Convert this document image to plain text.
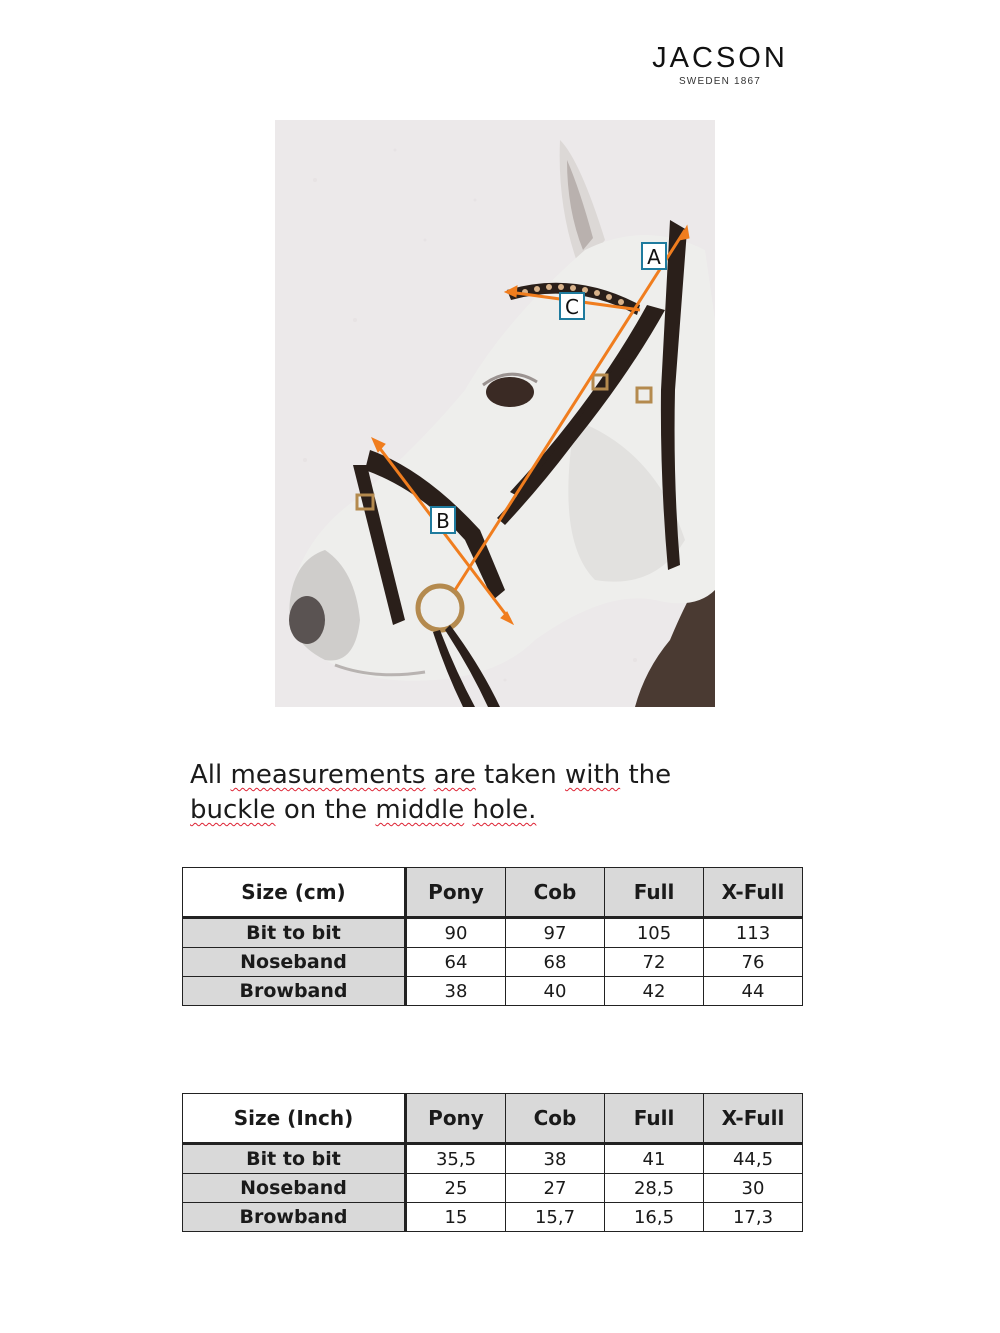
JACSON
SWEDEN 1867
A
B
C
All measurements are taken with the
buckle on the middle hole.
Size (cm)	Pony	Cob	Full	X-Full
Bit to bit	90	97	105	113
Noseband	64	68	72	76
Browband	38	40	42	44
Size (Inch)	Pony	Cob	Full	X-Full
Bit to bit	35,5	38	41	44,5
Noseband	25	27	28,5	30
Browband	15	15,7	16,5	17,3
